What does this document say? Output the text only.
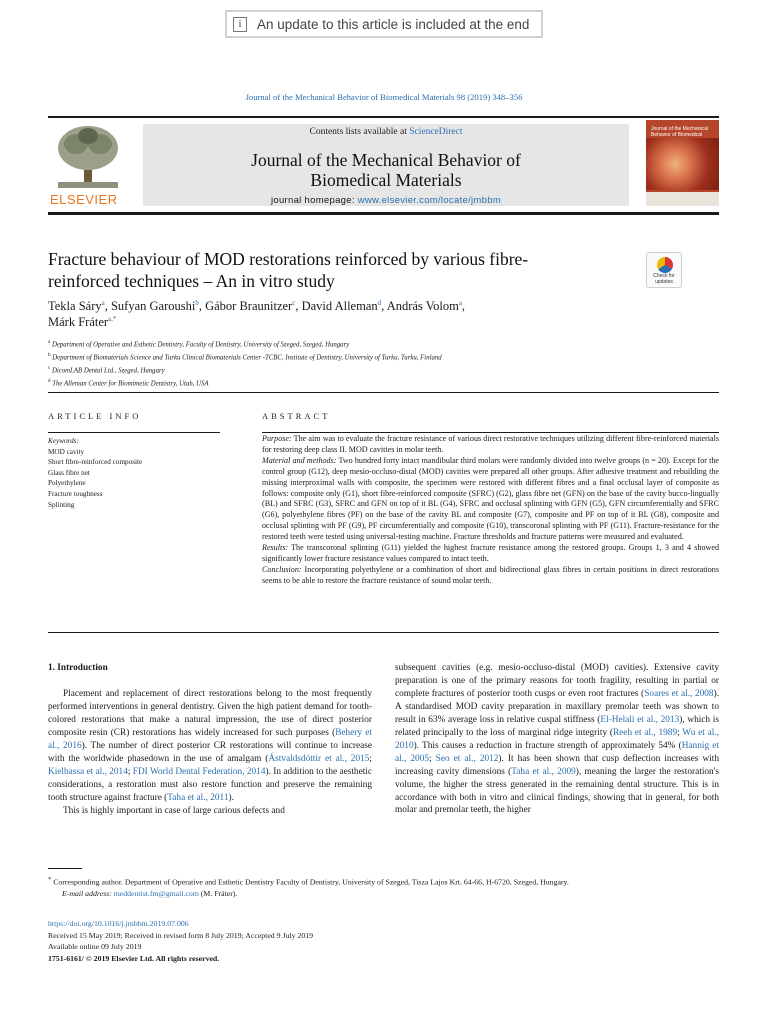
i	An update to this article is included at the end
Journal of the Mechanical Behavior of Biomedical Materials 98 (2019) 348–356
ELSEVIER
Contents lists available at ScienceDirect
Journal of the Mechanical Behavior of
Biomedical Materials
journal homepage: www.elsevier.com/locate/jmbbm
Journal of the Mechanical Behavior of Biomedical
Fracture behaviour of MOD restorations reinforced by various fibre-
reinforced techniques – An in vitro study	Check for
updates
Tekla Sáry$^a$, Sufyan Garoushi$^b$, Gábor Braunitzer$^c$, David Alleman$^d$, András Volom$^a$,
Márk Fráter$^{a,*}$
$^a$ Department of Operative and Esthetic Dentistry, Faculty of Dentistry, University of Szeged, Szeged, Hungary
$^b$ Department of Biomaterials Science and Turku Clinical Biomaterials Center -TCBC, Institute of Dentistry, University of Turku, Turku, Finland
$^c$ DicomLAB Dental Ltd., Szeged, Hungary
$^d$ The Alleman Center for Biomimetic Dentistry, Utah, USA
ARTICLE INFO
Keywords:
MOD cavity
Short fibre-reinforced composite
Glass fibre net
Polyethylene
Fracture toughness
Splinting
ABSTRACT

Purpose: The aim was to evaluate the fracture resistance of various direct restorative techniques utilizing different fibre-reinforced materials for restoring deep class II. MOD cavities in molar teeth.

Material and methods: Two hundred forty intact mandibular third molars were randomly divided into twelve groups (n = 20). Except for the control group (G12), deep mesio-occluso-distal (MOD) cavities were prepared all other groups. After adhesive treatment and rebuilding the missing interproximal walls with composite, the specimen were restored with different fibres and a final occlusal layer of composite as follows: composite only (G1), short fibre-reinforced composite (SFRC) (G2), glass fibre net (GFN) on the base of the cavity bucco-lingually (BL) and SFRC (G3), SFRC and GFN on top of it BL (G4), SFRC and occlusal splinting with GFN (G5), GFN circumferentially and SFRC (G6), polyethylene fibres (PF) on the base of the cavity BL and composite (G7), composite and PF on top of it BL (G8), composite and occlusal splinting with PF (G9), PF circumferentially and composite (G10), transcoronal splinting with PF (G11). Fracture-resistance for the restored teeth were tested using universal-testing machine. Fracture thresholds and fracture patterns were measured and evaluated.

Results: The transcoronal splinting (G11) yielded the highest fracture resistance among the restored groups. Groups 1, 3 and 4 showed significantly lower fracture resistance values compared to intact teeth.

Conclusion: Incorporating polyethylene or a combination of short and bidirectional glass fibres in certain positions in direct restorations seems to be able to restore the fracture resistance of sound molar teeth.

1. Introduction

Placement and replacement of direct restorations belong to the most frequently performed interventions in general dentistry. Given the high patient demand for tooth-colored restorations that make a natural impression, the use of direct posterior composite resin (CR) restorations has widely increased for such purposes (Behery et al., 2016). The number of direct posterior CR restorations will continue to increase with the worldwide phasedown in the use of amalgam (Ástvaldsdóttir et al., 2015; Kielbassa et al., 2014; FDI World Dental Federation, 2014). In addition to the aesthetic considerations, a restoration must also restore function and preserve the remaining tooth structure against fracture (Taha et al., 2011).

This is highly important in case of large carious defects and

subsequent cavities (e.g. mesio-occluso-distal (MOD) cavities). Extensive cavity preparation is one of the primary reasons for tooth fragility, resulting in partial or complete fractures of posterior tooth cusps or even root fractures (Soares et al., 2008). A standardised MOD cavity preparation in maxillary premolar teeth was shown to result in 63% average loss in relative cuspal stiffness (El-Helali et al., 2013), which is related principally to the loss of marginal ridge integrity (Reeh et al., 1989; Wu et al., 2010). This causes a reduction in fracture strength of approximately 54% (Hannig et al., 2005; Seo et al., 2012). It has been shown that cusp deflection increases with increasing cavity dimensions (Taha et al., 2009), meaning the larger the restoration's volume, the higher the stress generated in the remaining dental structure. This is in accordance with both in vitro and clinical findings, showing that in general, for both molar and premolar teeth, the higher

* Corresponding author. Department of Operative and Esthetic Dentistry Faculty of Dentistry, University of Szeged, Tisza Lajos Krt. 64-66, H-6720, Szeged, Hungary.
E-mail address: meddentist.fm@gmail.com (M. Fráter).
https://doi.org/10.1016/j.jmbbm.2019.07.006
Received 15 May 2019; Received in revised form 8 July 2019; Accepted 9 July 2019
Available online 09 July 2019
1751-6161/ © 2019 Elsevier Ltd. All rights reserved.
